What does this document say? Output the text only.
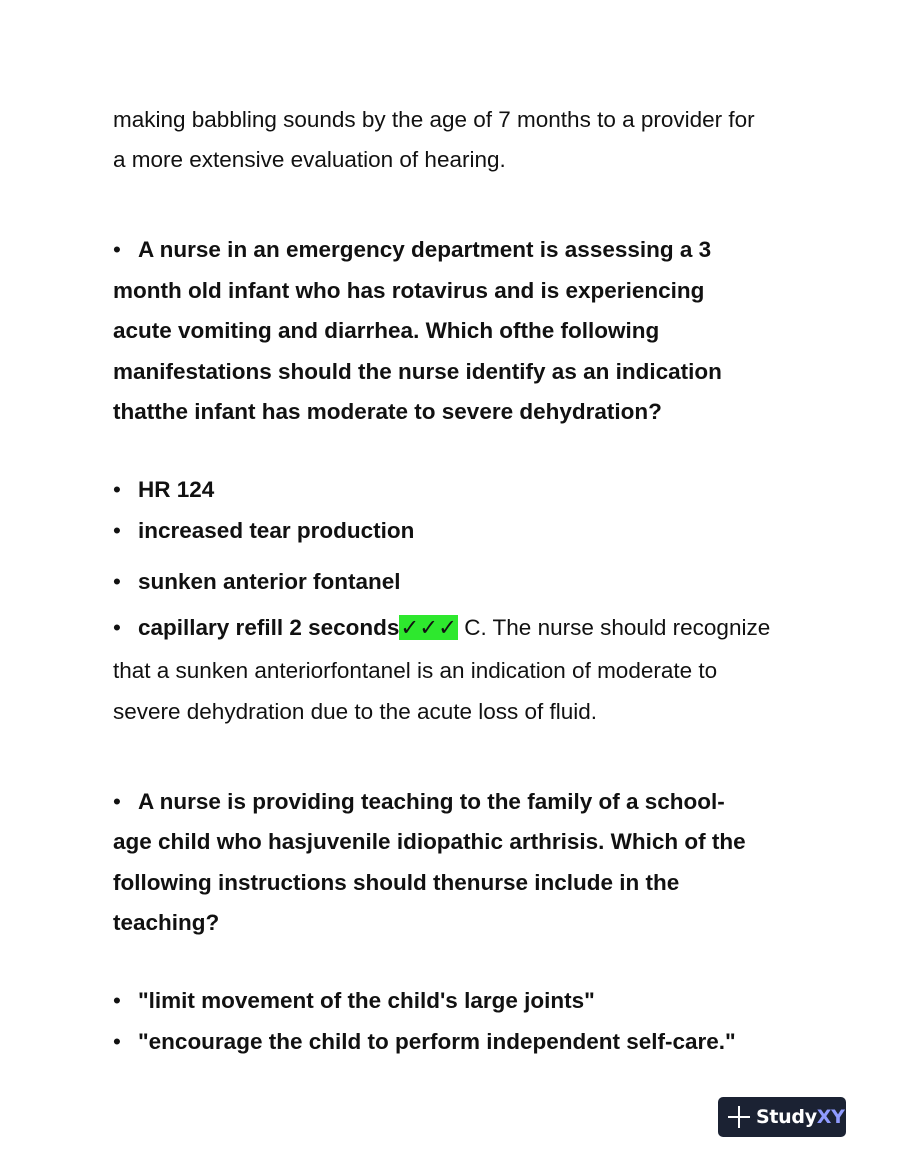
making babbling sounds by the age of 7 months to a provider for
a more extensive evaluation of hearing.
• A nurse in an emergency department is assessing a 3
month old infant who has rotavirus and is experiencing
acute vomiting and diarrhea. Which ofthe following
manifestations should the nurse identify as an indication
thatthe infant has moderate to severe dehydration?
• HR 124
• increased tear production
• sunken anterior fontanel
• capillary refill 2 seconds✓✓✓ C. The nurse should recognize
that a sunken anteriorfontanel is an indication of moderate to
severe dehydration due to the acute loss of fluid.
• A nurse is providing teaching to the family of a school-
age child who hasjuvenile idiopathic arthrisis. Which of the
following instructions should thenurse include in the
teaching?
• "limit movement of the child's large joints"
• "encourage the child to perform independent self-care."
StudyXY
